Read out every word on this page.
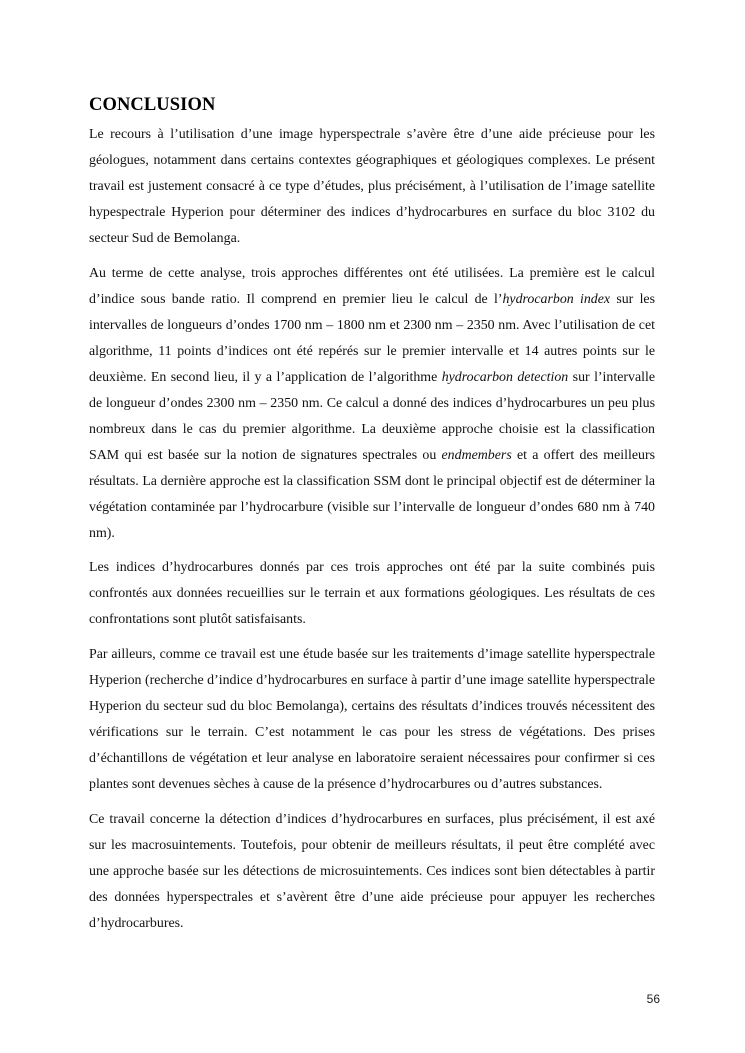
CONCLUSION

Le recours à l’utilisation d’une image hyperspectrale s’avère être d’une aide précieuse pour les géologues, notamment dans certains contextes géographiques et géologiques complexes. Le présent travail est justement consacré à ce type d’études, plus précisément, à l’utilisation de l’image satellite hypespectrale Hyperion pour déterminer des indices d’hydrocarbures en surface du bloc 3102 du secteur Sud de Bemolanga.

Au terme de cette analyse, trois approches différentes ont été utilisées. La première est le calcul d’indice sous bande ratio. Il comprend en premier lieu le calcul de l’hydrocarbon index sur les intervalles de longueurs d’ondes 1700 nm – 1800 nm et 2300 nm – 2350 nm. Avec l’utilisation de cet algorithme, 11 points d’indices ont été repérés sur le premier intervalle et 14 autres points sur le deuxième. En second lieu, il y a l’application de l’algorithme hydrocarbon detection sur l’intervalle de longueur d’ondes 2300 nm – 2350 nm. Ce calcul a donné des indices d’hydrocarbures un peu plus nombreux dans le cas du premier algorithme. La deuxième approche choisie est la classification SAM qui est basée sur la notion de signatures spectrales ou endmembers et a offert des meilleurs résultats. La dernière approche est la classification SSM dont le principal objectif est de déterminer la végétation contaminée par l’hydrocarbure (visible sur l’intervalle de longueur d’ondes 680 nm à 740 nm).

Les indices d’hydrocarbures donnés par ces trois approches ont été par la suite combinés puis confrontés aux données recueillies sur le terrain et aux formations géologiques. Les résultats de ces confrontations sont plutôt satisfaisants.

Par ailleurs, comme ce travail est une étude basée sur les traitements d’image satellite hyperspectrale Hyperion (recherche d’indice d’hydrocarbures en surface à partir d’une image satellite hyperspectrale Hyperion du secteur sud du bloc Bemolanga), certains des résultats d’indices trouvés nécessitent des vérifications sur le terrain. C’est notamment le cas pour les stress de végétations. Des prises d’échantillons de végétation et leur analyse en laboratoire seraient nécessaires pour confirmer si ces plantes sont devenues sèches à cause de la présence d’hydrocarbures ou d’autres substances.

Ce travail concerne la détection d’indices d’hydrocarbures en surfaces, plus précisément, il est axé sur les macrosuintements. Toutefois, pour obtenir de meilleurs résultats, il peut être complété avec une approche basée sur les détections de microsuintements. Ces indices sont bien détectables à partir des données hyperspectrales et s’avèrent être d’une aide précieuse pour appuyer les recherches d’hydrocarbures.

56
